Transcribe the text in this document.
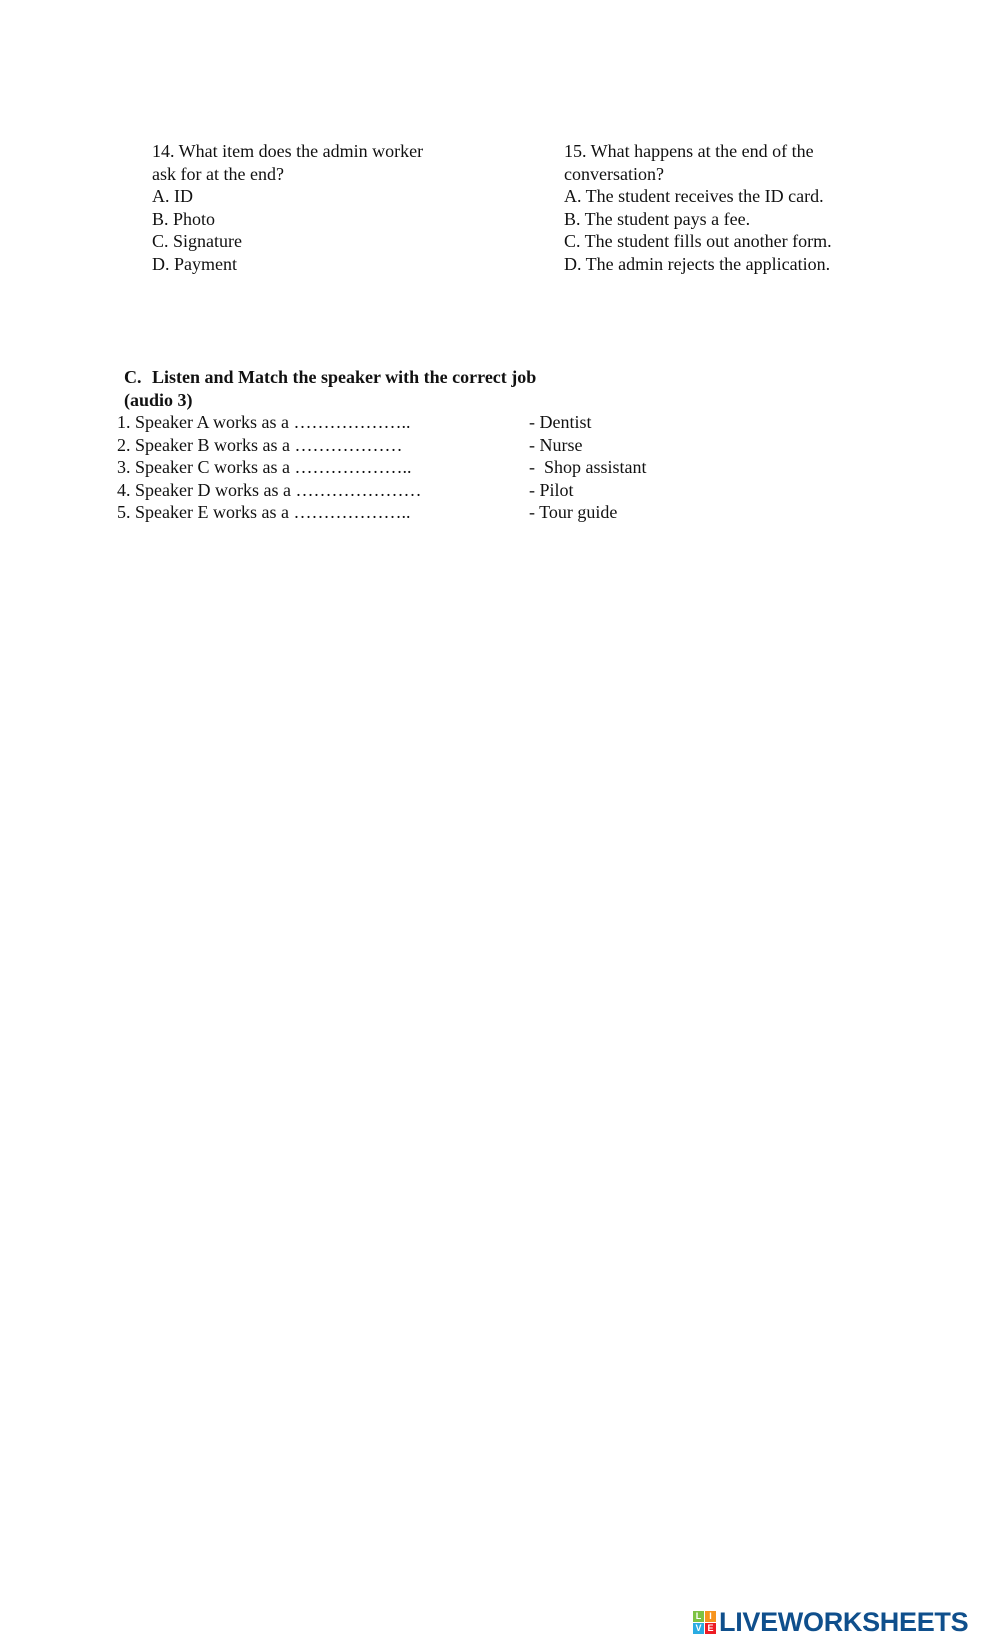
14. What item does the admin worker
ask for at the end?
A. ID
B. Photo
C. Signature
D. Payment
15. What happens at the end of the
conversation?
A. The student receives the ID card.
B. The student pays a fee.
C. The student fills out another form.
D. The admin rejects the application.
C. Listen and Match the speaker with the correct job
(audio 3)
1. Speaker A works as a ………………..
2. Speaker B works as a ………………
3. Speaker C works as a ………………..
4. Speaker D works as a …………………
5. Speaker E works as a ………………..
- Dentist
- Nurse
-  Shop assistant
- Pilot
- Tour guide
L I
V E LIVEWORKSHEETS
